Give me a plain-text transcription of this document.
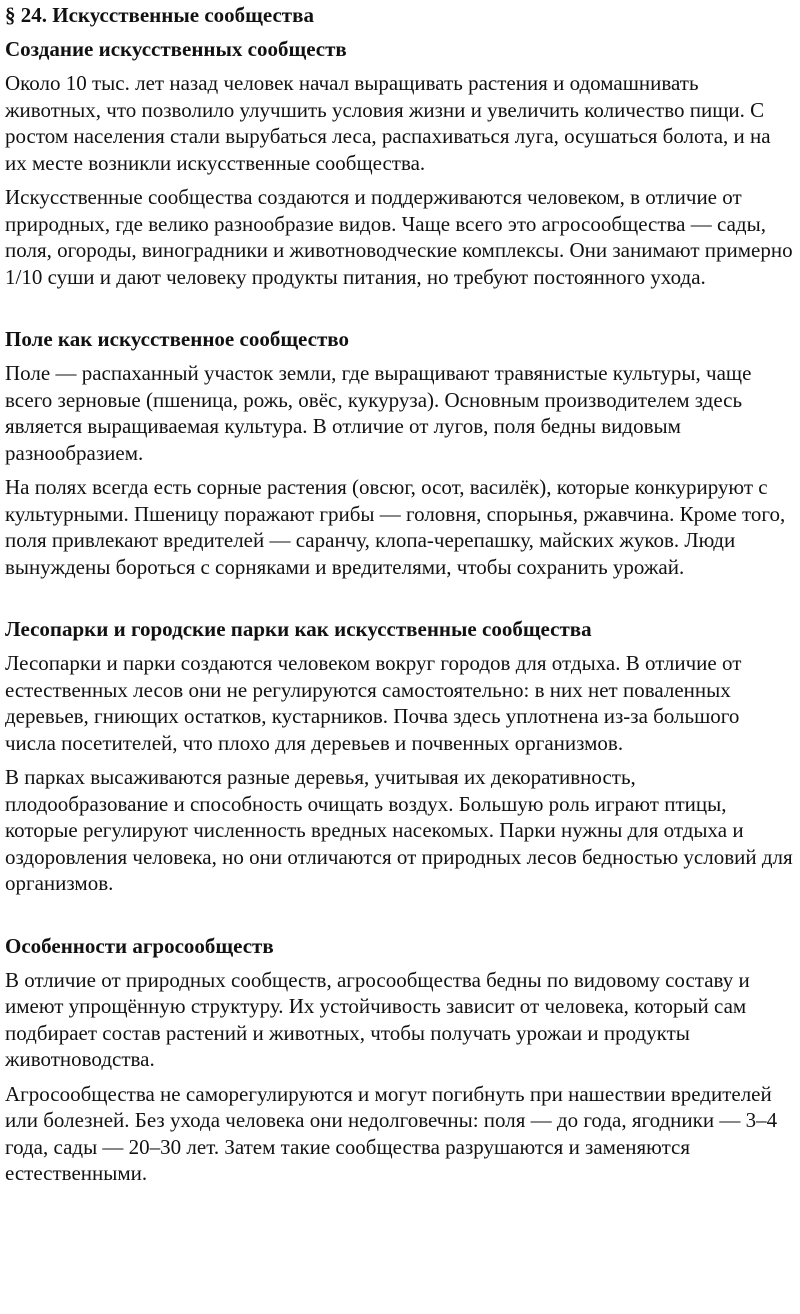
§ 24. Искусственные сообщества
Создание искусственных сообществ

Около 10 тыс. лет назад человек начал выращивать растения и одомашнивать животных, что позволило улучшить условия жизни и увеличить количество пищи. С ростом населения стали вырубаться леса, распахиваться луга, осушаться болота, и на их месте возникли искусственные сообщества.

Искусственные сообщества создаются и поддерживаются человеком, в отличие от природных, где велико разнообразие видов. Чаще всего это агросообщества — сады, поля, огороды, виноградники и животноводческие комплексы. Они занимают примерно 1/10 суши и дают человеку продукты питания, но требуют постоянного ухода.

Поле как искусственное сообщество

Поле — распаханный участок земли, где выращивают травянистые культуры, чаще всего зерновые (пшеница, рожь, овёс, кукуруза). Основным производителем здесь является выращиваемая культура. В отличие от лугов, поля бедны видовым разнообразием.

На полях всегда есть сорные растения (овсюг, осот, василёк), которые конкурируют с культурными. Пшеницу поражают грибы — головня, спорынья, ржавчина. Кроме того, поля привлекают вредителей — саранчу, клопа-черепашку, майских жуков. Люди вынуждены бороться с сорняками и вредителями, чтобы сохранить урожай.

Лесопарки и городские парки как искусственные сообщества

Лесопарки и парки создаются человеком вокруг городов для отдыха. В отличие от естественных лесов они не регулируются самостоятельно: в них нет поваленных деревьев, гниющих остатков, кустарников. Почва здесь уплотнена из-за большого числа посетителей, что плохо для деревьев и почвенных организмов.

В парках высаживаются разные деревья, учитывая их декоративность, плодообразование и способность очищать воздух. Большую роль играют птицы, которые регулируют численность вредных насекомых. Парки нужны для отдыха и оздоровления человека, но они отличаются от природных лесов бедностью условий для организмов.

Особенности агросообществ

В отличие от природных сообществ, агросообщества бедны по видовому составу и имеют упрощённую структуру. Их устойчивость зависит от человека, который сам подбирает состав растений и животных, чтобы получать урожаи и продукты животноводства.

Агросообщества не саморегулируются и могут погибнуть при нашествии вредителей или болезней. Без ухода человека они недолговечны: поля — до года, ягодники — 3–4 года, сады — 20–30 лет. Затем такие сообщества разрушаются и заменяются естественными.
